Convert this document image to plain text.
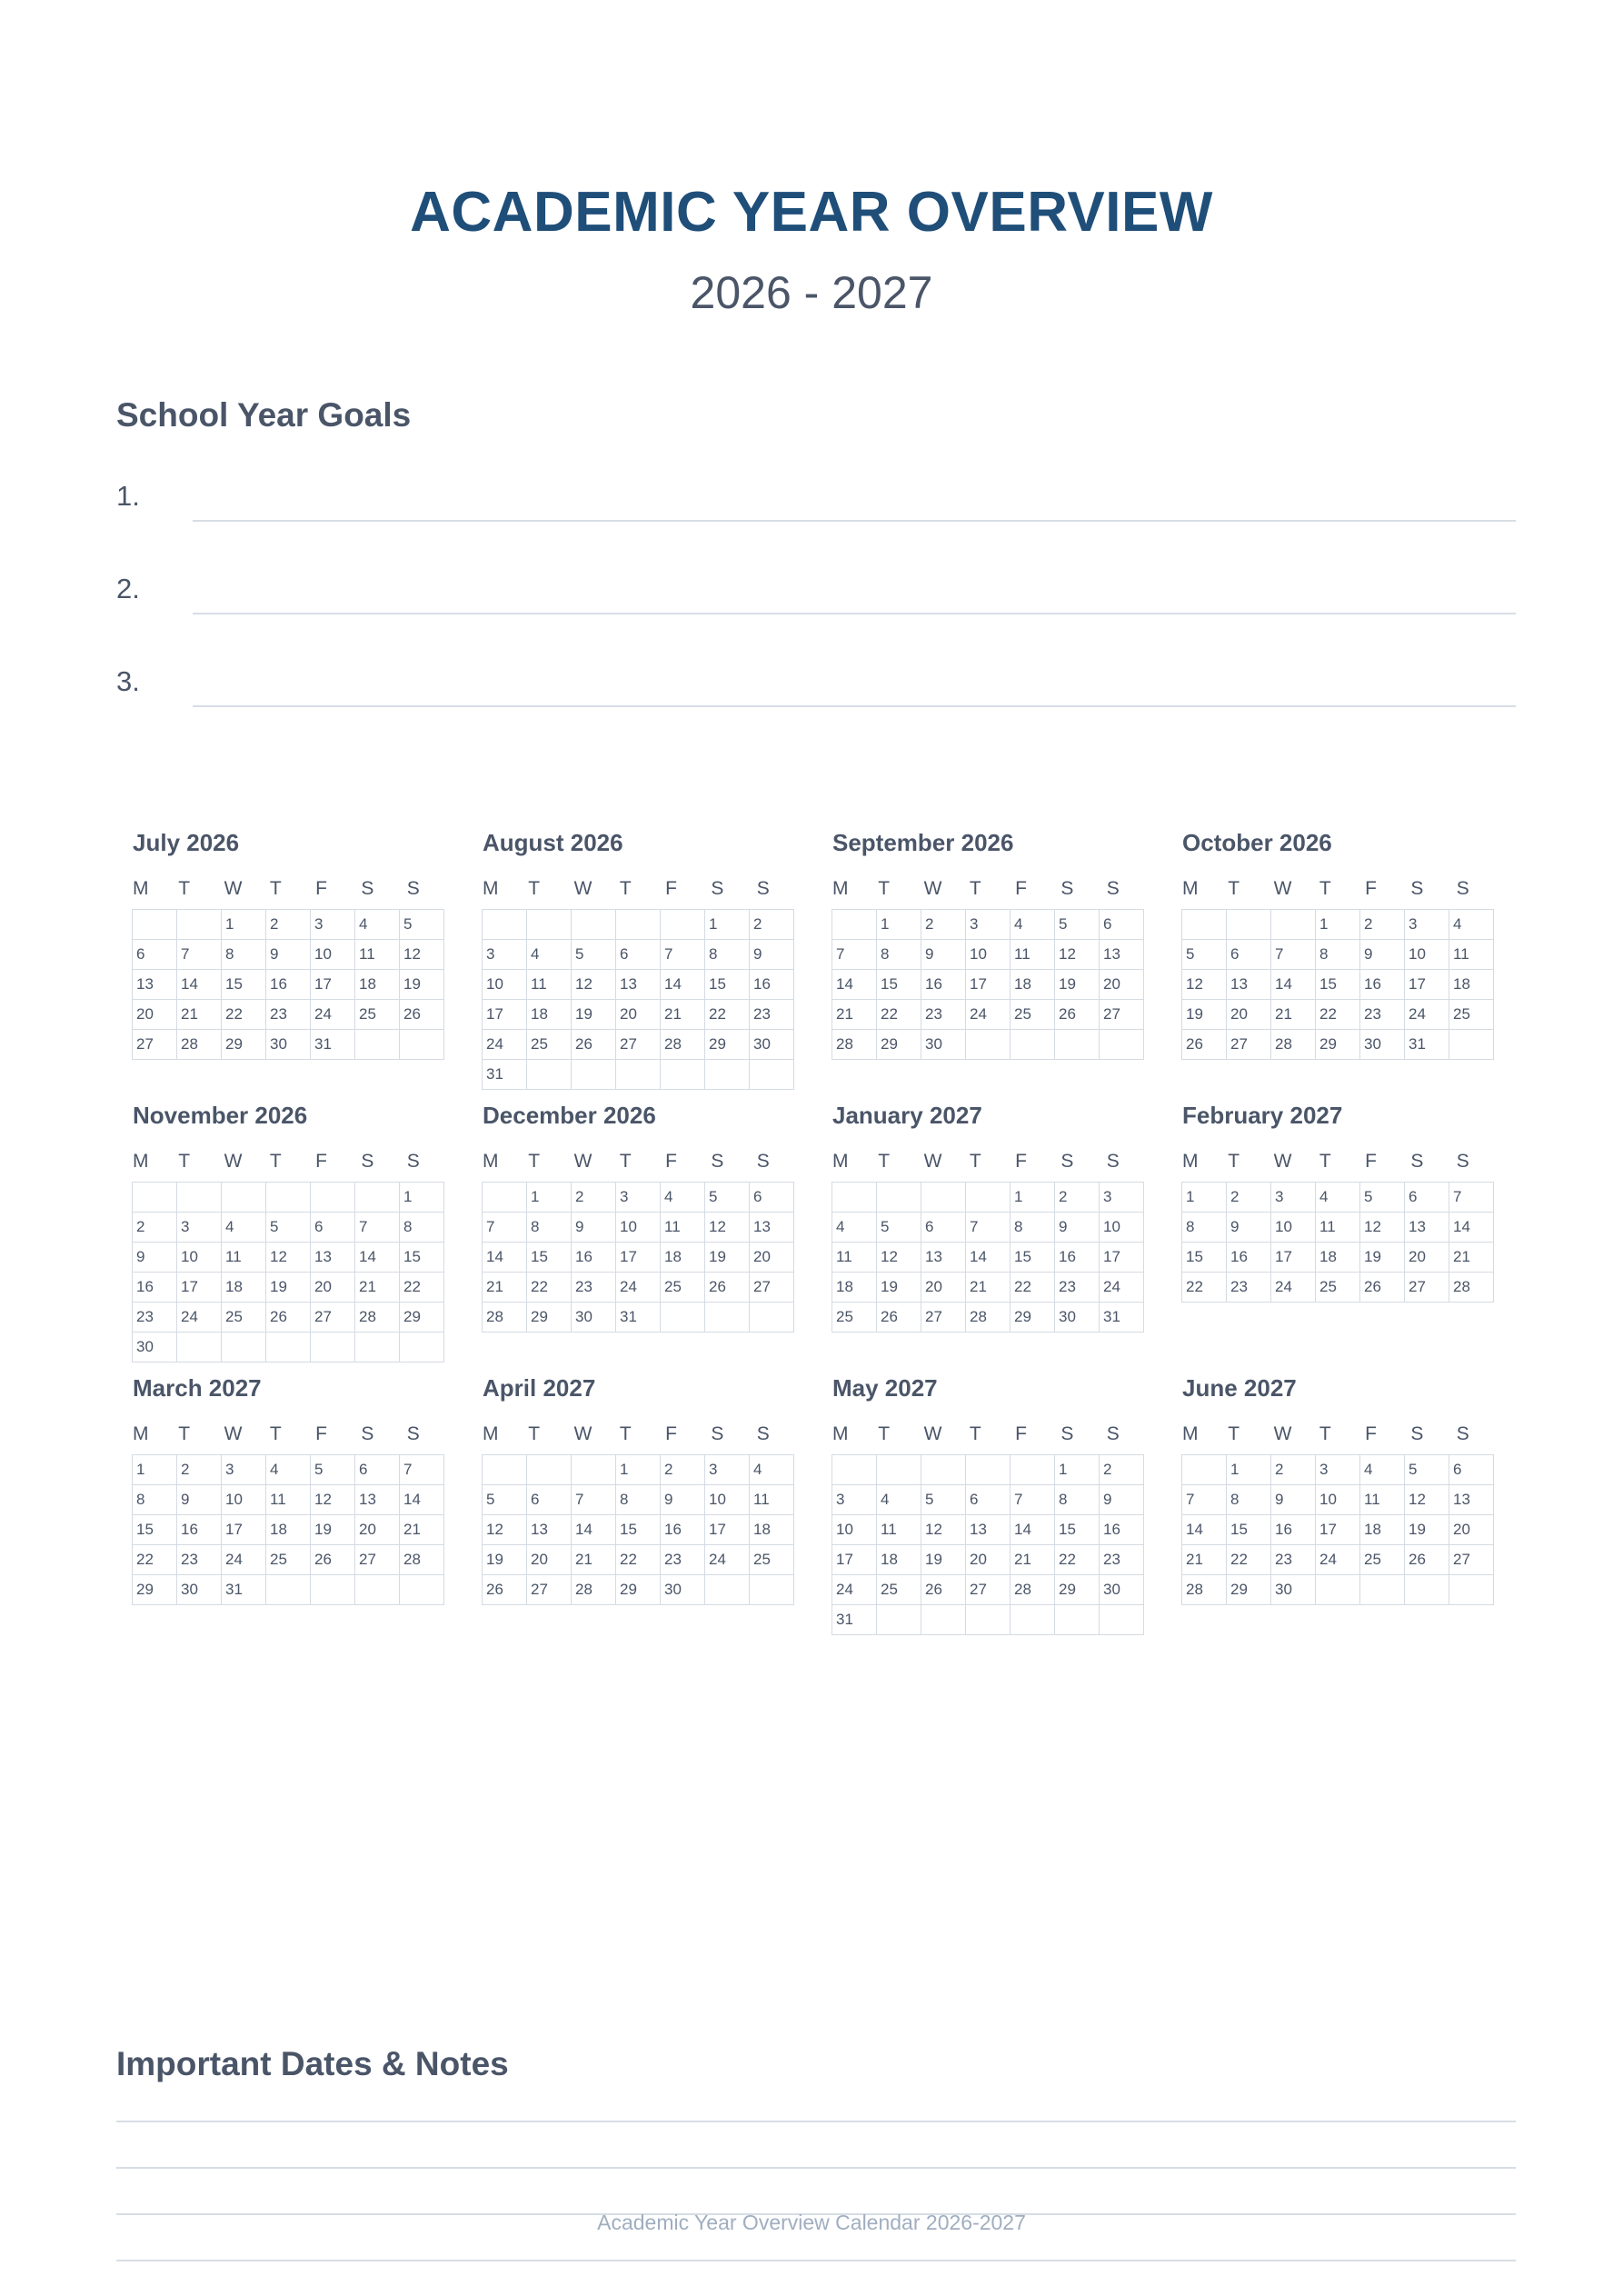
ACADEMIC YEAR OVERVIEW
2026 - 2027
School Year Goals
1.
2.
3.
July 2026
M	T	W	T	F	S	S
		1	2	3	4	5
6	7	8	9	10	11	12
13	14	15	16	17	18	19
20	21	22	23	24	25	26
27	28	29	30	31		
August 2026
M	T	W	T	F	S	S
					1	2
3	4	5	6	7	8	9
10	11	12	13	14	15	16
17	18	19	20	21	22	23
24	25	26	27	28	29	30
31						
September 2026
M	T	W	T	F	S	S
	1	2	3	4	5	6
7	8	9	10	11	12	13
14	15	16	17	18	19	20
21	22	23	24	25	26	27
28	29	30				
October 2026
M	T	W	T	F	S	S
			1	2	3	4
5	6	7	8	9	10	11
12	13	14	15	16	17	18
19	20	21	22	23	24	25
26	27	28	29	30	31	
November 2026
M	T	W	T	F	S	S
						1
2	3	4	5	6	7	8
9	10	11	12	13	14	15
16	17	18	19	20	21	22
23	24	25	26	27	28	29
30						
December 2026
M	T	W	T	F	S	S
	1	2	3	4	5	6
7	8	9	10	11	12	13
14	15	16	17	18	19	20
21	22	23	24	25	26	27
28	29	30	31			
January 2027
M	T	W	T	F	S	S
				1	2	3
4	5	6	7	8	9	10
11	12	13	14	15	16	17
18	19	20	21	22	23	24
25	26	27	28	29	30	31
February 2027
M	T	W	T	F	S	S
1	2	3	4	5	6	7
8	9	10	11	12	13	14
15	16	17	18	19	20	21
22	23	24	25	26	27	28
March 2027
M	T	W	T	F	S	S
1	2	3	4	5	6	7
8	9	10	11	12	13	14
15	16	17	18	19	20	21
22	23	24	25	26	27	28
29	30	31				
April 2027
M	T	W	T	F	S	S
			1	2	3	4
5	6	7	8	9	10	11
12	13	14	15	16	17	18
19	20	21	22	23	24	25
26	27	28	29	30		
May 2027
M	T	W	T	F	S	S
					1	2
3	4	5	6	7	8	9
10	11	12	13	14	15	16
17	18	19	20	21	22	23
24	25	26	27	28	29	30
31						
June 2027
M	T	W	T	F	S	S
	1	2	3	4	5	6
7	8	9	10	11	12	13
14	15	16	17	18	19	20
21	22	23	24	25	26	27
28	29	30				
Important Dates & Notes
Academic Year Overview Calendar 2026-2027
